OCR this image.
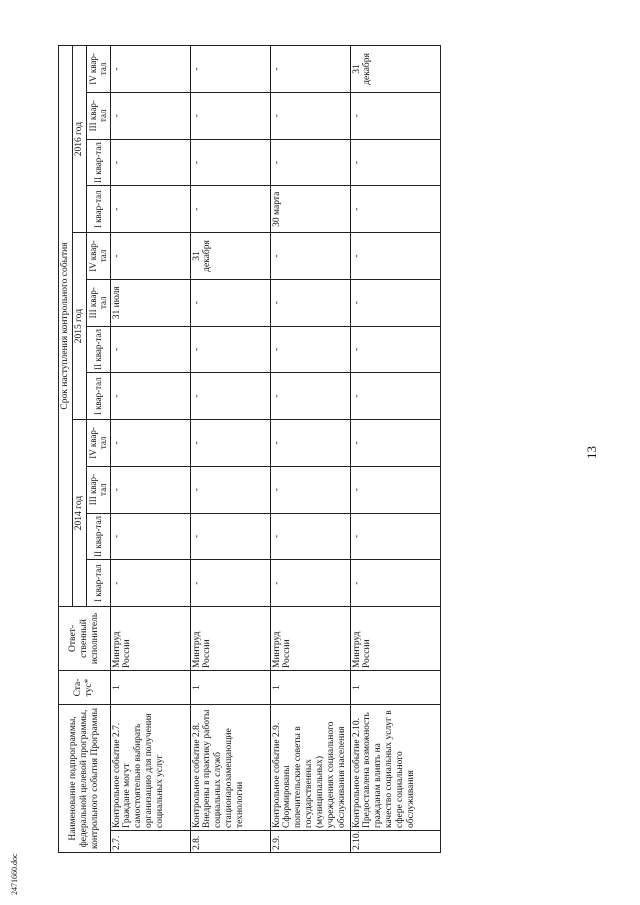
13
2471660.doc
Наименование подпрограммы, федеральной целевой программы, контрольного события Программы		Ста-тус*	Ответ-ственный исполнитель	Срок наступления контрольного события											
				2014 год				2015 год				2016 год			
				I квар-тал	II квар-тал	III квар-тал	IV квар-тал	I квар-тал	II квар-тал	III квар-тал	IV квар-тал	I квар-тал	II квар-тал	III квар-тал	IV квар-тал
2.7.	Контрольное событие 2.7. Граждане могут самостоятельно выбирать организацию для получения социальных услуг	1	Минтруд России	-	-	-	-	-	-	31 июля	-	-	-	-	-
2.8.	Контрольное событие 2.8. Внедрены в практику работы социальных служб стационарозамещающие технологии	1	Минтруд России	-	-	-	-	-	-	-	31 декабря	-	-	-	-
2.9.	Контрольное событие 2.9. Сформированы попечительские советы в государственных (муниципальных) учреждениях социального обслуживания населения	1	Минтруд России	-	-	-	-	-	-	-	-	30 марта	-	-	-
2.10.	Контрольное событие 2.10. Предоставлена возможность гражданам влиять на качество социальных услуг в сфере социального обслуживания	1	Минтруд России	-	-	-	-	-	-	-	-	-	-	-	31 декабря
